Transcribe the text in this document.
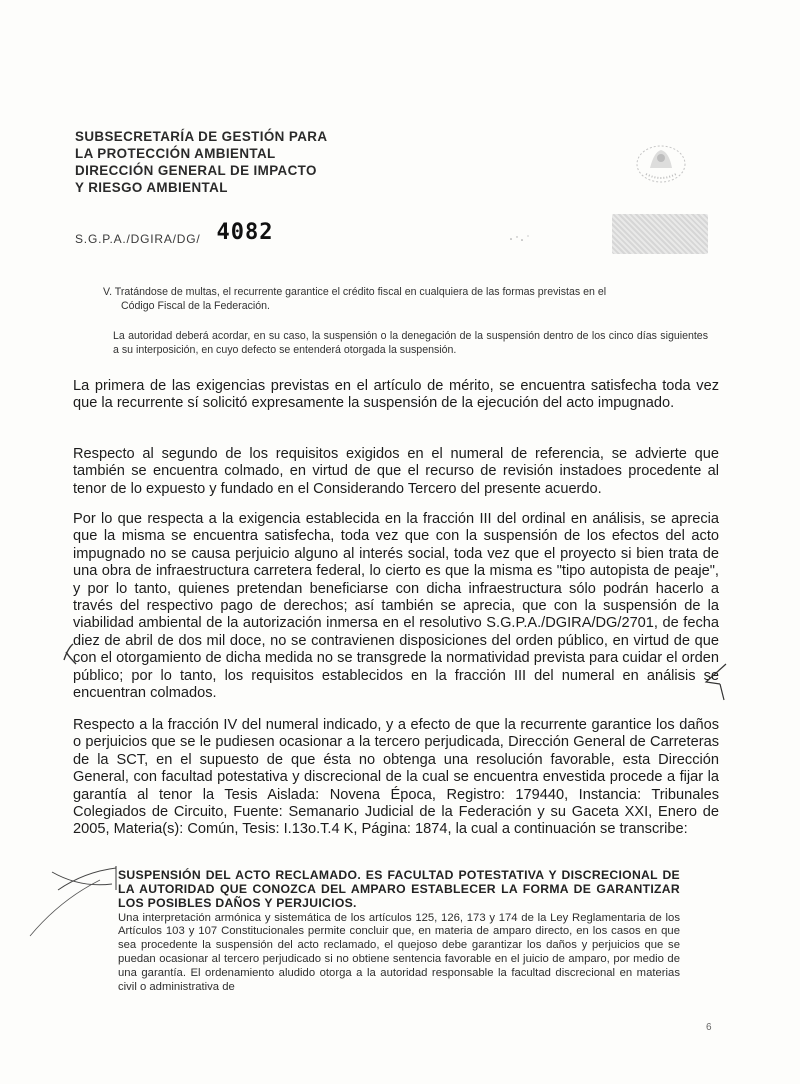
SUBSECRETARÍA DE GESTIÓN PARA
LA PROTECCIÓN AMBIENTAL
DIRECCIÓN GENERAL DE IMPACTO
Y RIESGO AMBIENTAL
S.G.P.A./DGIRA/DG/ 4082
V. Tratándose de multas, el recurrente garantice el crédito fiscal en cualquiera de las formas previstas en el
Código Fiscal de la Federación.
La autoridad deberá acordar, en su caso, la suspensión o la denegación de la suspensión dentro de los cinco días siguientes a su interposición, en cuyo defecto se entenderá otorgada la suspensión.
La primera de las exigencias previstas en el artículo de mérito, se encuentra satisfecha toda vez que la recurrente sí solicitó expresamente la suspensión de la ejecución del acto impugnado.
Respecto al segundo de los requisitos exigidos en el numeral de referencia, se advierte que también se encuentra colmado, en virtud de que el recurso de revisión instadoes procedente al tenor de lo expuesto y fundado en el Considerando Tercero del presente acuerdo.
Por lo que respecta a la exigencia establecida en la fracción III del ordinal en análisis, se aprecia que la misma se encuentra satisfecha, toda vez que con la suspensión de los efectos del acto impugnado no se causa perjuicio alguno al interés social, toda vez que el proyecto si bien trata de una obra de infraestructura carretera federal, lo cierto es que la misma es "tipo autopista de peaje", y por lo tanto, quienes pretendan beneficiarse con dicha infraestructura sólo podrán hacerlo a través del respectivo pago de derechos; así también se aprecia, que con la suspensión de la viabilidad ambiental de la autorización inmersa en el resolutivo S.G.P.A./DGIRA/DG/2701, de fecha diez de abril de dos mil doce, no se contravienen disposiciones del orden público, en virtud de que con el otorgamiento de dicha medida no se transgrede la normatividad prevista para cuidar el orden público; por lo tanto, los requisitos establecidos en la fracción III del numeral en análisis se encuentran colmados.
Respecto a la fracción IV del numeral indicado, y a efecto de que la recurrente garantice los daños o perjuicios que se le pudiesen ocasionar a la tercero perjudicada, Dirección General de Carreteras de la SCT, en el supuesto de que ésta no obtenga una resolución favorable, esta Dirección General, con facultad potestativa y discrecional de la cual se encuentra envestida procede a fijar la garantía al tenor la Tesis Aislada: Novena Época, Registro: 179440, Instancia: Tribunales Colegiados de Circuito, Fuente: Semanario Judicial de la Federación y su Gaceta XXI, Enero de 2005, Materia(s): Común, Tesis: I.13o.T.4 K, Página: 1874, la cual a continuación se transcribe:
SUSPENSIÓN DEL ACTO RECLAMADO. ES FACULTAD POTESTATIVA Y DISCRECIONAL DE LA AUTORIDAD QUE CONOZCA DEL AMPARO ESTABLECER LA FORMA DE GARANTIZAR LOS POSIBLES DAÑOS Y PERJUICIOS.
Una interpretación armónica y sistemática de los artículos 125, 126, 173 y 174 de la Ley Reglamentaria de los Artículos 103 y 107 Constitucionales permite concluir que, en materia de amparo directo, en los casos en que sea procedente la suspensión del acto reclamado, el quejoso debe garantizar los daños y perjuicios que se puedan ocasionar al tercero perjudicado si no obtiene sentencia favorable en el juicio de amparo, por medio de una garantía. El ordenamiento aludido otorga a la autoridad responsable la facultad discrecional en materias civil o administrativa de
6
